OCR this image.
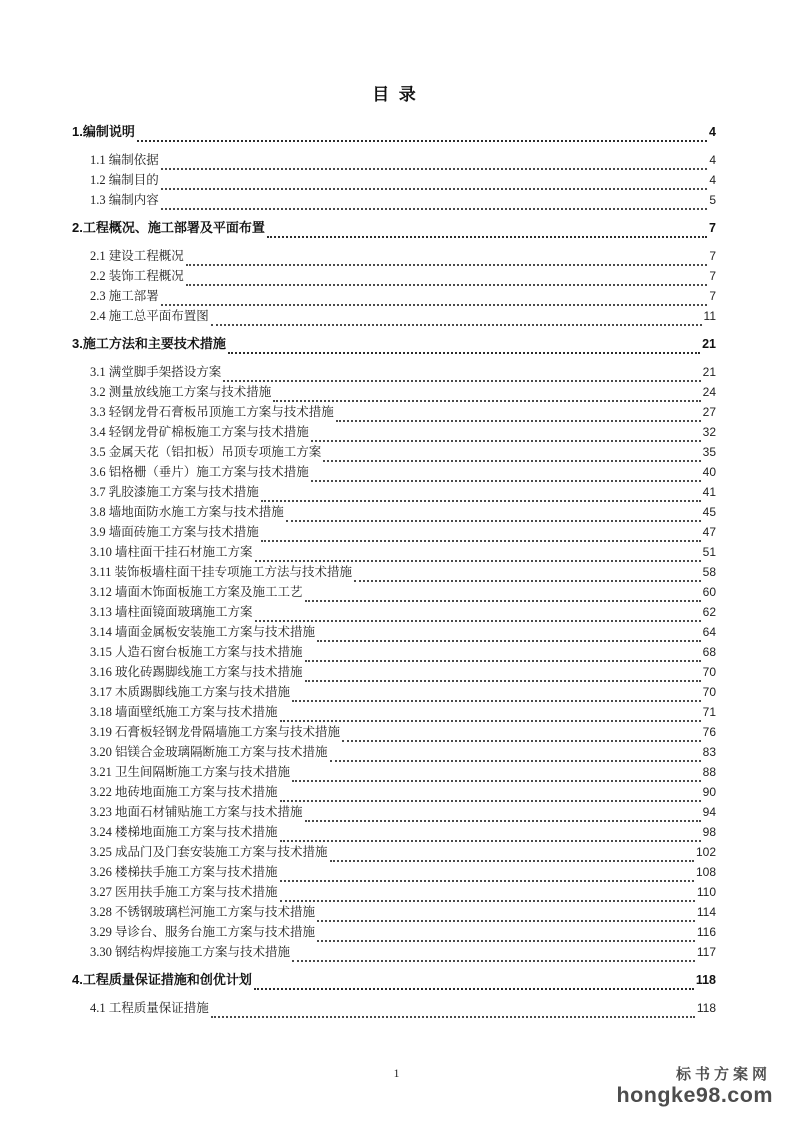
目  录
1.编制说明	4
1.1 编制依据	4
1.2 编制目的	4
1.3 编制内容	5
2.工程概况、施工部署及平面布置	7
2.1 建设工程概况	7
2.2 装饰工程概况	7
2.3 施工部署	7
2.4 施工总平面布置图	11
3.施工方法和主要技术措施	21
3.1 满堂脚手架搭设方案	21
3.2 测量放线施工方案与技术措施	24
3.3 轻钢龙骨石膏板吊顶施工方案与技术措施	27
3.4 轻钢龙骨矿棉板施工方案与技术措施	32
3.5 金属天花（铝扣板）吊顶专项施工方案	35
3.6 铝格栅（垂片）施工方案与技术措施	40
3.7 乳胶漆施工方案与技术措施	41
3.8 墙地面防水施工方案与技术措施	45
3.9 墙面砖施工方案与技术措施	47
3.10 墙柱面干挂石材施工方案	51
3.11 装饰板墙柱面干挂专项施工方法与技术措施	58
3.12 墙面木饰面板施工方案及施工工艺	60
3.13 墙柱面镜面玻璃施工方案	62
3.14 墙面金属板安装施工方案与技术措施	64
3.15 人造石窗台板施工方案与技术措施	68
3.16 玻化砖踢脚线施工方案与技术措施	70
3.17 木质踢脚线施工方案与技术措施	70
3.18 墙面壁纸施工方案与技术措施	71
3.19 石膏板轻钢龙骨隔墙施工方案与技术措施	76
3.20 铝镁合金玻璃隔断施工方案与技术措施	83
3.21 卫生间隔断施工方案与技术措施	88
3.22 地砖地面施工方案与技术措施	90
3.23 地面石材铺贴施工方案与技术措施	94
3.24 楼梯地面施工方案与技术措施	98
3.25 成品门及门套安装施工方案与技术措施	102
3.26 楼梯扶手施工方案与技术措施	108
3.27 医用扶手施工方案与技术措施	110
3.28 不锈钢玻璃栏河施工方案与技术措施	114
3.29 导诊台、服务台施工方案与技术措施	116
3.30 钢结构焊接施工方案与技术措施	117
4.工程质量保证措施和创优计划	118
4.1 工程质量保证措施	118
1	标书方案网
hongke98.com
